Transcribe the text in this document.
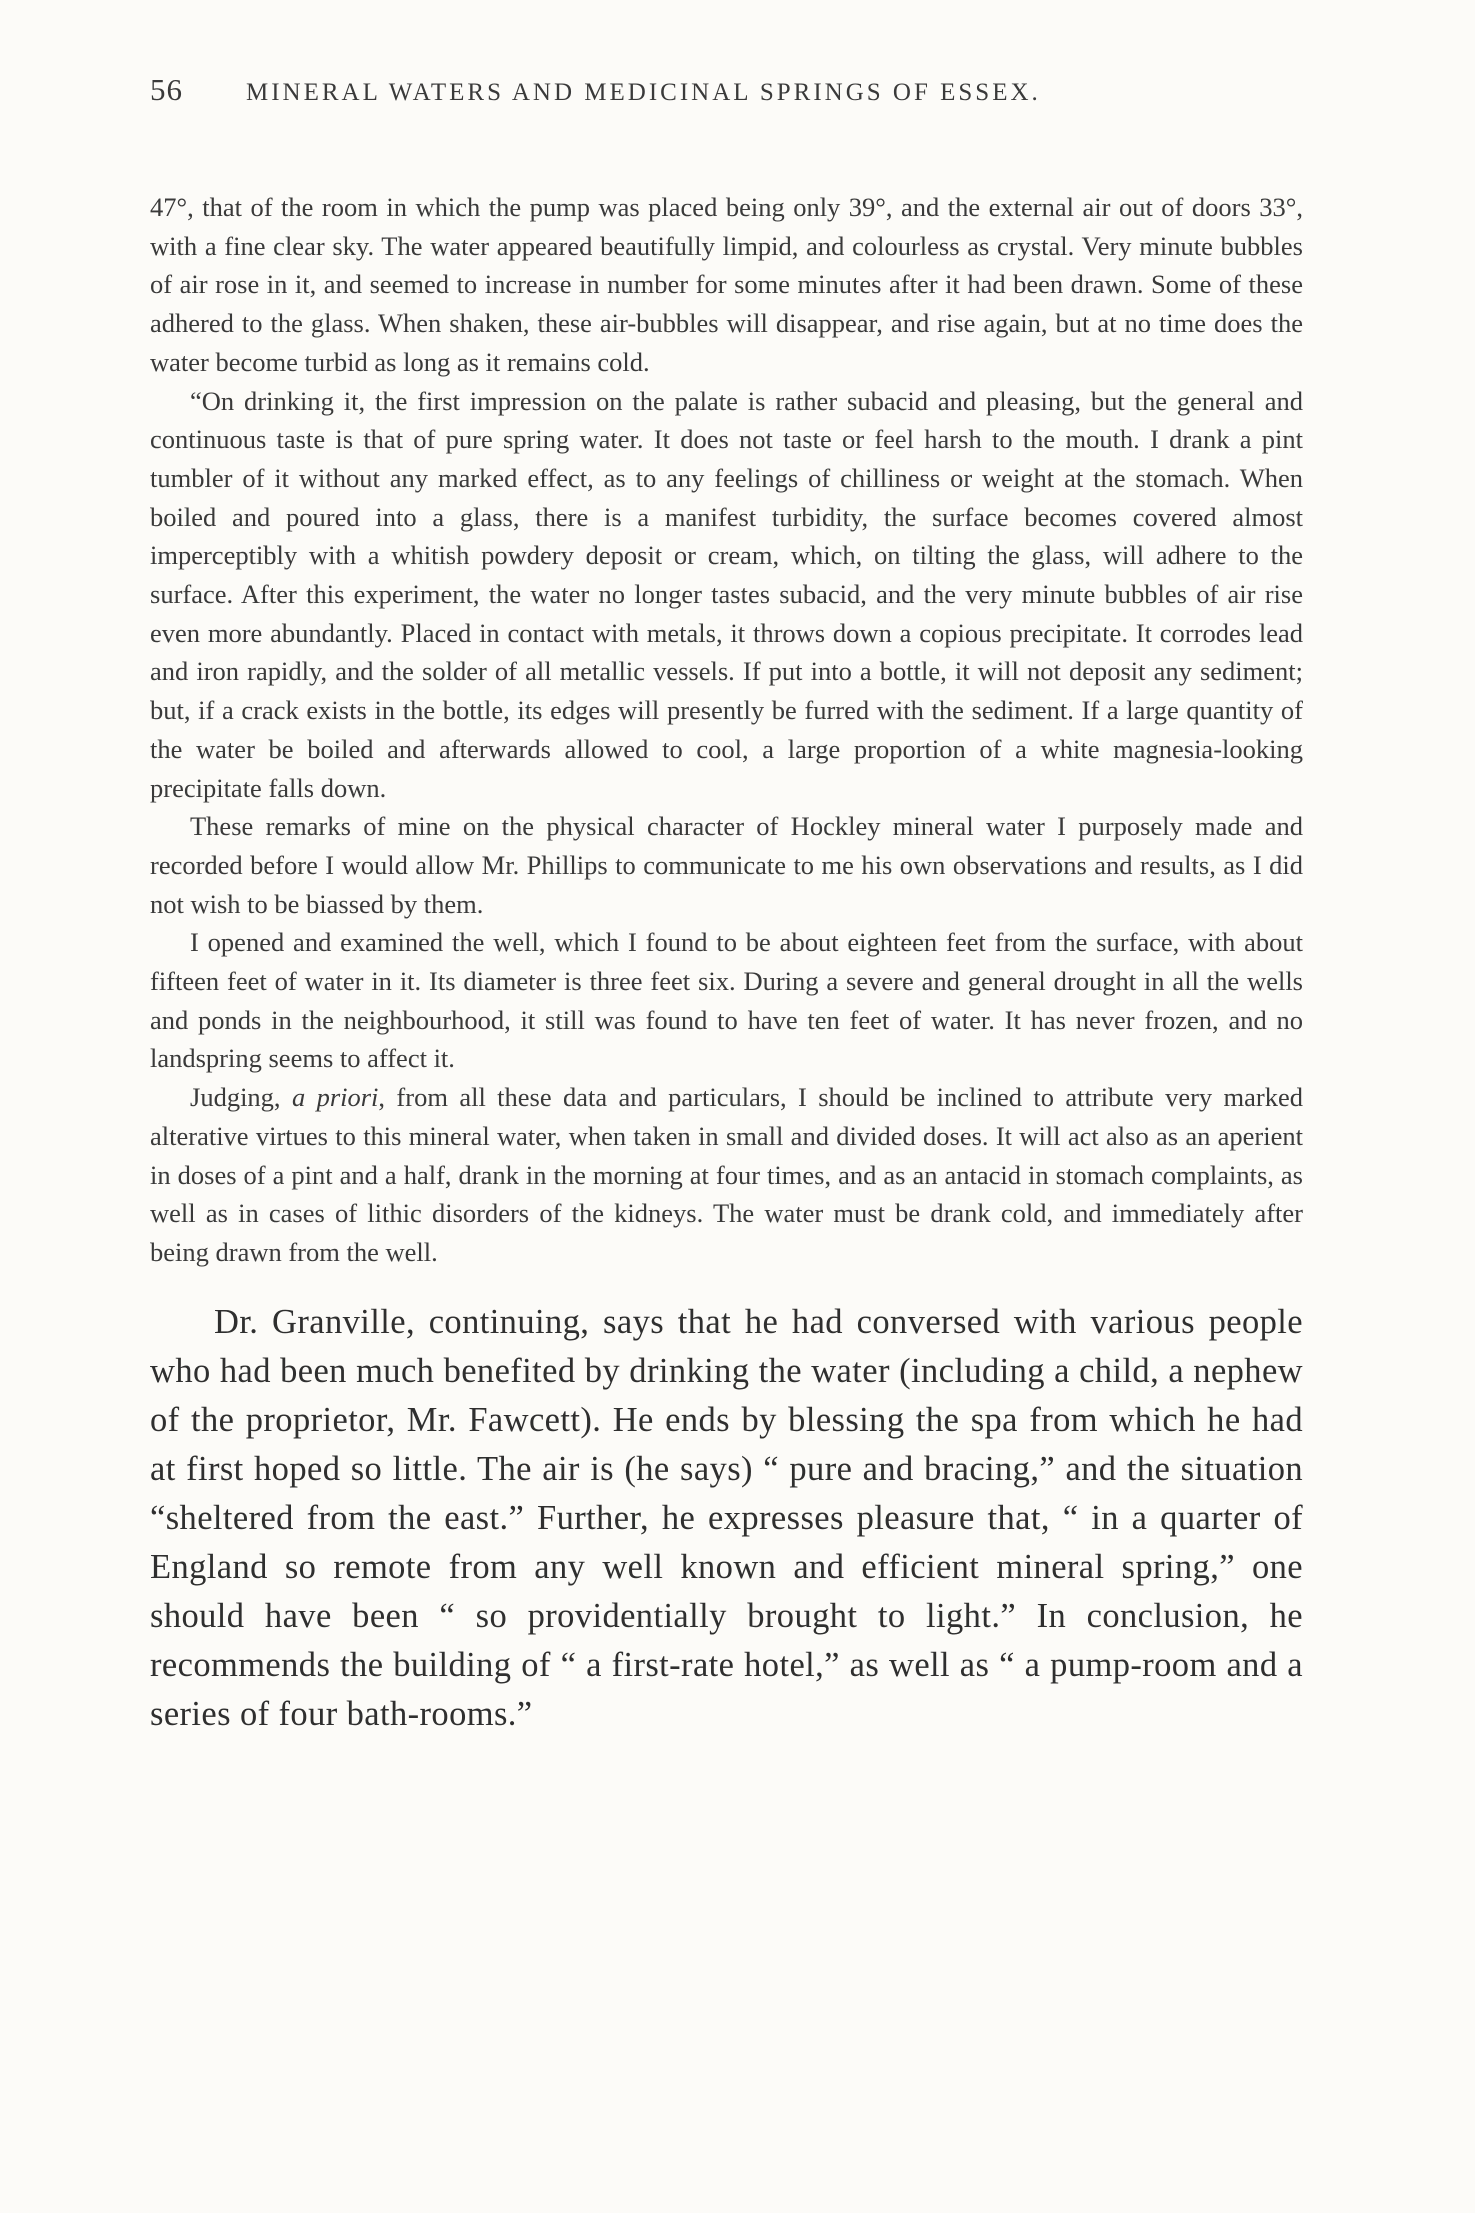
56	MINERAL WATERS AND MEDICINAL SPRINGS OF ESSEX.

47°, that of the room in which the pump was placed being only 39°, and the external air out of doors 33°, with a fine clear sky. The water appeared beautifully limpid, and colourless as crystal. Very minute bubbles of air rose in it, and seemed to increase in number for some minutes after it had been drawn. Some of these adhered to the glass. When shaken, these air-bubbles will disappear, and rise again, but at no time does the water become turbid as long as it remains cold.

“On drinking it, the first impression on the palate is rather subacid and pleasing, but the general and continuous taste is that of pure spring water. It does not taste or feel harsh to the mouth. I drank a pint tumbler of it without any marked effect, as to any feelings of chilliness or weight at the stomach. When boiled and poured into a glass, there is a manifest turbidity, the surface becomes covered almost imperceptibly with a whitish powdery deposit or cream, which, on tilting the glass, will adhere to the surface. After this experiment, the water no longer tastes subacid, and the very minute bubbles of air rise even more abundantly. Placed in contact with metals, it throws down a copious precipitate. It corrodes lead and iron rapidly, and the solder of all metallic vessels. If put into a bottle, it will not deposit any sediment; but, if a crack exists in the bottle, its edges will presently be furred with the sediment. If a large quantity of the water be boiled and afterwards allowed to cool, a large proportion of a white magnesia-looking precipitate falls down.

These remarks of mine on the physical character of Hockley mineral water I purposely made and recorded before I would allow Mr. Phillips to communicate to me his own observations and results, as I did not wish to be biassed by them.

I opened and examined the well, which I found to be about eighteen feet from the surface, with about fifteen feet of water in it. Its diameter is three feet six. During a severe and general drought in all the wells and ponds in the neighbourhood, it still was found to have ten feet of water. It has never frozen, and no landspring seems to affect it.

Judging, a priori, from all these data and particulars, I should be inclined to attribute very marked alterative virtues to this mineral water, when taken in small and divided doses. It will act also as an aperient in doses of a pint and a half, drank in the morning at four times, and as an antacid in stomach complaints, as well as in cases of lithic disorders of the kidneys. The water must be drank cold, and immediately after being drawn from the well.

Dr. Granville, continuing, says that he had conversed with various people who had been much benefited by drinking the water (including a child, a nephew of the proprietor, Mr. Fawcett). He ends by blessing the spa from which he had at first hoped so little. The air is (he says) “ pure and bracing,” and the situation “sheltered from the east.” Further, he expresses pleasure that, “ in a quarter of England so remote from any well known and efficient mineral spring,” one should have been “ so providentially brought to light.” In conclusion, he recommends the building of “ a first-rate hotel,” as well as “ a pump-room and a series of four bath-rooms.”
